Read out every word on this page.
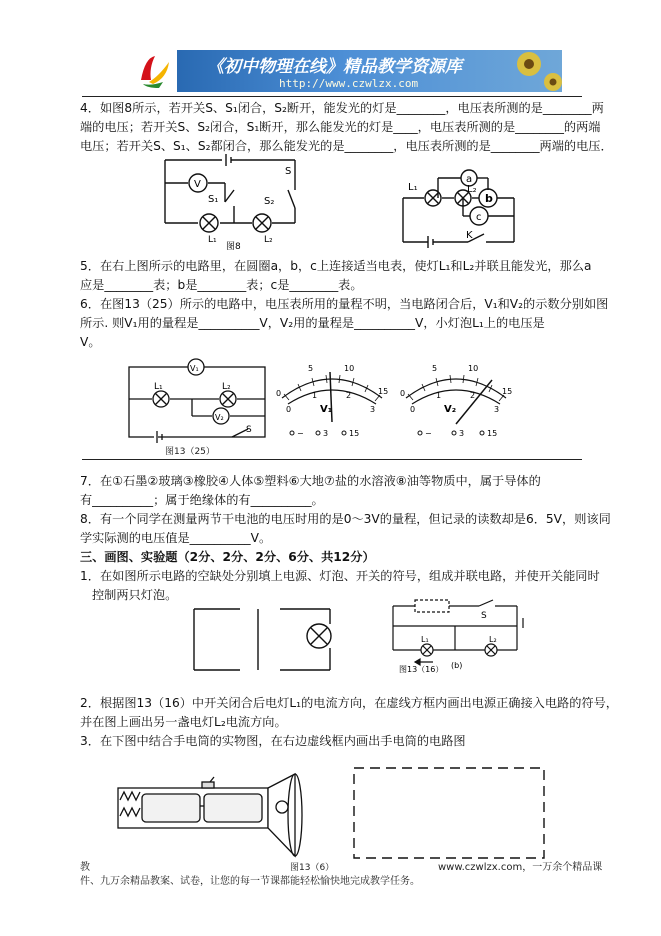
《初中物理在线》精品教学资源库
http://www.czwlzx.com
4．如图8所示，若开关S、S₁闭合，S₂断开，能发光的灯是________，电压表所测的是________两
端的电压；若开关S、S₂闭合，S₁断开，那么能发光的灯是____，电压表所测的是________的两端
电压；若开关S、S₁、S₂都闭合，那么能发光的是________，电压表所测的是________两端的电压．
V
S
S₁	S₂
L₁	L₂
图8
a
b
c
L₁	L₂
K
5．在右上图所示的电路里，在圆圈a，b，c上连接适当电表，使灯L₁和L₂并联且能发光，那么a
应是________表；b是________表；c是________表。
6．在图13（25）所示的电路中，电压表所用的量程不明，当电路闭合后，V₁和V₂的示数分别如图
所示. 则V₁用的量程是__________V，V₂用的量程是__________V，小灯泡L₁上的电压是
V。
V₁
V₂
L₁	L₂
S
图13（25）
0
5	10
15
0
1	2
3
V₁
− 3	15
0
5	10
15
0
1	2
3
V₂
−	3	15
7．在①石墨②玻璃③橡胶④人体⑤塑料⑥大地⑦盐的水溶液⑧油等物质中，属于导体的
有__________；属于绝缘体的有__________。
8．有一个同学在测量两节干电池的电压时用的是0～3V的量程，但记录的读数却是6．5V，则该同
学实际测的电压值是__________V。
三、画图、实验题（2分、2分、2分、6分、共12分）
1．在如图所示电路的空缺处分别填上电源、灯泡、开关的符号，组成并联电路，并使开关能同时
控制两只灯泡。
S
L₁	L₂
(b)
图13（16）
2．根据图13（16）中开关闭合后电灯L₁的电流方向，在虚线方框内画出电源正确接入电路的符号，
并在图上画出另一盏电灯L₂电流方向。
3．在下图中结合手电筒的实物图，在右边虚线框内画出手电筒的电路图
图13（6）
教	www.czwlzx.com，一万余个精品课
件、九万余精品教案、试卷，让您的每一节课都能轻松愉快地完成教学任务。
